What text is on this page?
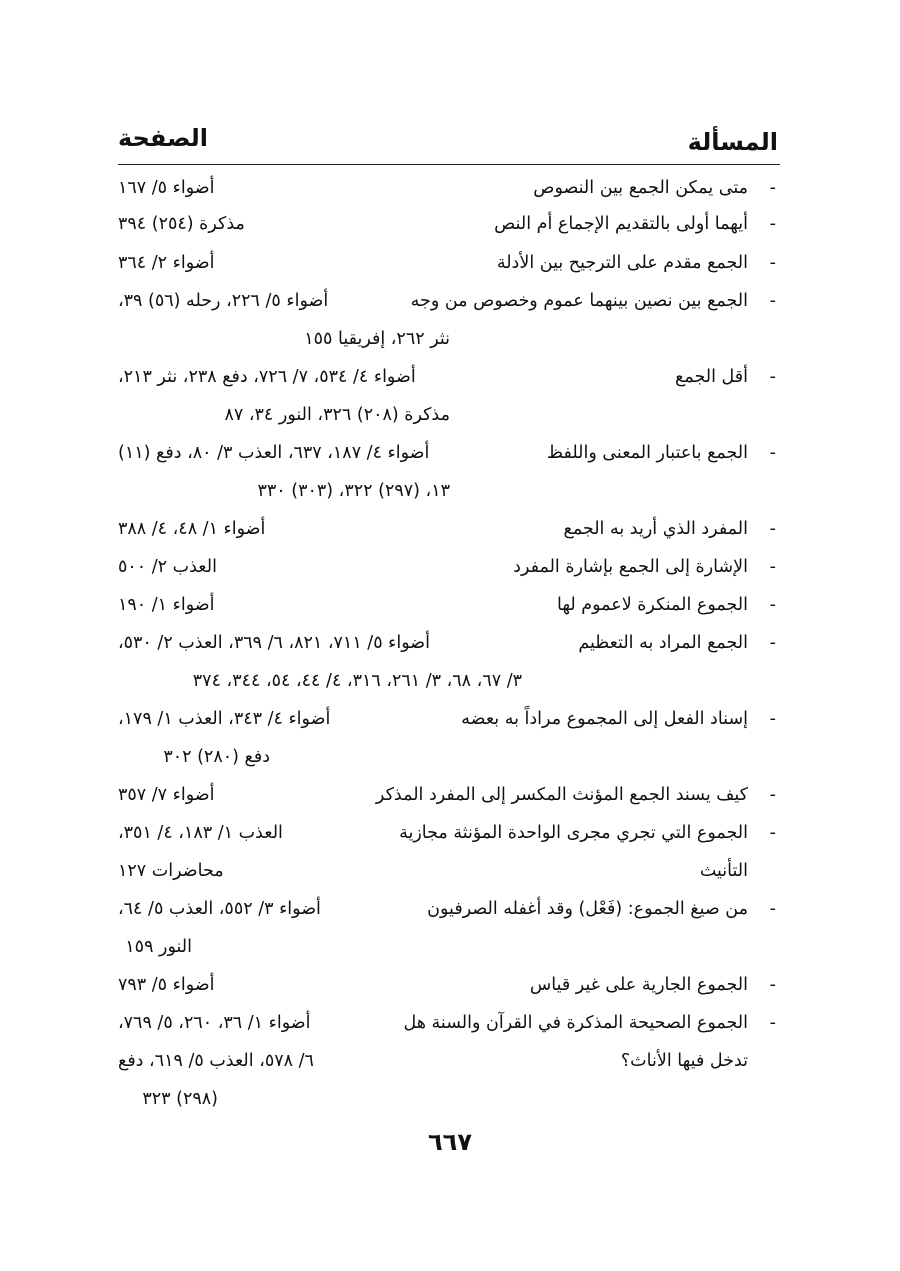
المسألة
الصفحة
-
متى يمكن الجمع بين النصوص
أضواء ٥/ ١٦٧
-
أيهما أولى بالتقديم الإجماع أم النص
مذكرة (٢٥٤) ٣٩٤
-
الجمع مقدم على الترجيح بين الأدلة
أضواء ٢/ ٣٦٤
-
الجمع بين نصين بينهما عموم وخصوص من وجه
أضواء ٥/ ٢٢٦، رحله (٥٦) ٣٩،
نثر ٢٦٢، إفريقيا ١٥٥
-
أقل الجمع
أضواء ٤/ ٥٣٤، ٧/ ٧٢٦، دفع ٢٣٨، نثر ٢١٣،
مذكرة (٢٠٨) ٣٢٦، النور ٣٤، ٨٧
-
الجمع باعتبار المعنى واللفظ
أضواء ٤/ ١٨٧، ٦٣٧، العذب ٣/ ٨٠، دفع (١١)
١٣، (٢٩٧) ٣٢٢، (٣٠٣) ٣٣٠
-
المفرد الذي أريد به الجمع
أضواء ١/ ٤٨، ٤/ ٣٨٨
-
الإشارة إلى الجمع بإشارة المفرد
العذب ٢/ ٥٠٠
-
الجموع المنكرة لاعموم لها
أضواء ١/ ١٩٠
-
الجمع المراد به التعظيم
أضواء ٥/ ٧١١، ٨٢١، ٦/ ٣٦٩، العذب ٢/ ٥٣٠،
٣/ ٦٧، ٦٨، ٣/ ٢٦١، ٣١٦، ٤/ ٤٤، ٥٤، ٣٤٤، ٣٧٤
-
إسناد الفعل إلى المجموع مراداً به بعضه
أضواء ٤/ ٣٤٣، العذب ١/ ١٧٩،
دفع (٢٨٠) ٣٠٢
-
كيف يسند الجمع المؤنث المكسر إلى المفرد المذكر
أضواء ٧/ ٣٥٧
-
الجموع التي تجري مجرى الواحدة المؤنثة مجازية
العذب ١/ ١٨٣، ٤/ ٣٥١،
التأنيث
محاضرات ١٢٧
-
من صيغ الجموع: (فَعْل) وقد أغفله الصرفيون
أضواء ٣/ ٥٥٢، العذب ٥/ ٦٤،
النور ١٥٩
-
الجموع الجارية على غير قياس
أضواء ٥/ ٧٩٣
-
الجموع الصحيحة المذكرة في القرآن والسنة هل
أضواء ١/ ٣٦، ٢٦٠، ٥/ ٧٦٩،
تدخل فيها الأناث؟
٦/ ٥٧٨، العذب ٥/ ٦١٩، دفع
(٢٩٨) ٣٢٣
٦٦٧
